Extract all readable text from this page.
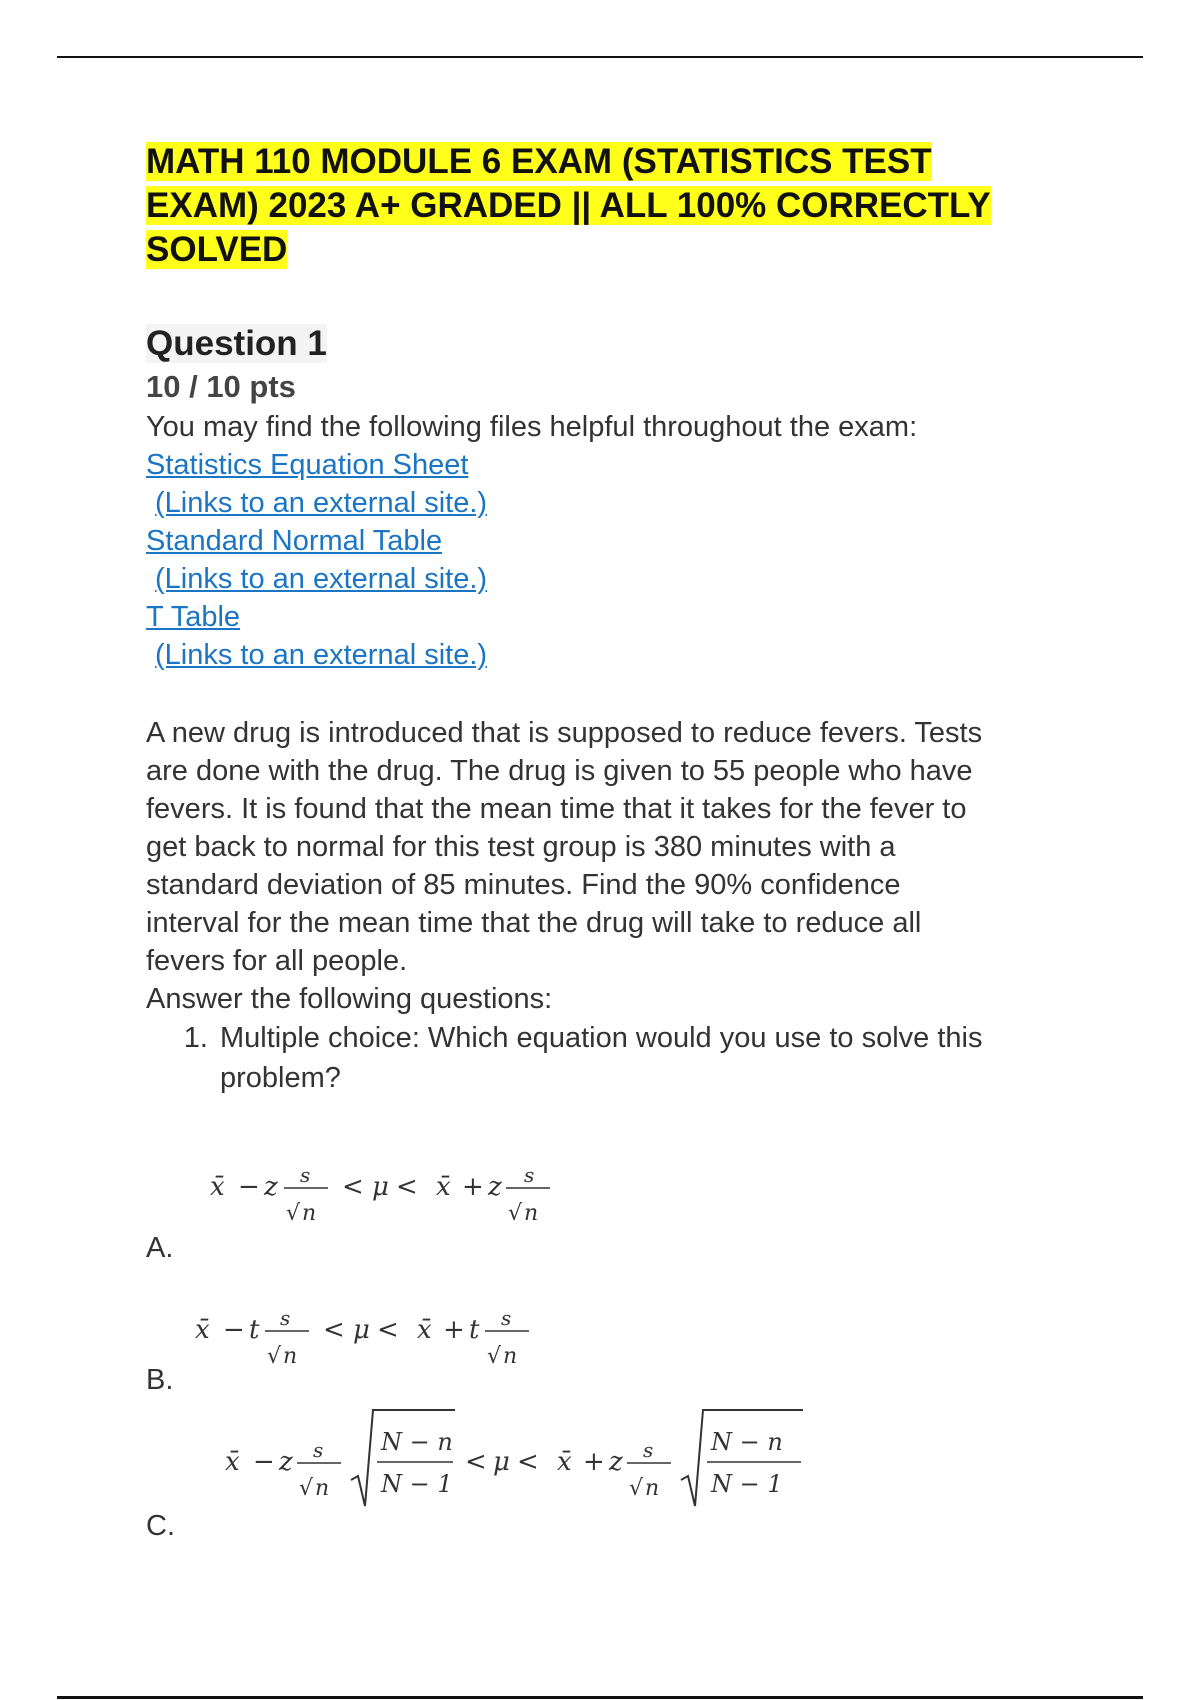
MATH 110 MODULE 6 EXAM (STATISTICS TEST
EXAM) 2023 A+ GRADED || ALL 100% CORRECTLY
SOLVED
Question 1

10 / 10 pts

You may find the following files helpful throughout the exam:

Statistics Equation Sheet
(Links to an external site.)
Standard Normal Table
(Links to an external site.)
T Table
(Links to an external site.)

A new drug is introduced that is supposed to reduce fevers. Tests

are done with the drug. The drug is given to 55 people who have

fevers. It is found that the mean time that it takes for the fever to

get back to normal for this test group is 380 minutes with a

standard deviation of 85 minutes. Find the 90% confidence

interval for the mean time that the drug will take to reduce all

fevers for all people.

Answer the following questions:

1. Multiple choice: Which equation would you use to solve this problem?
A.
x̄ − z s
√ n
< μ < x̄ + z s
√ n
B.
x̄ − t s
√ n
< μ < x̄ + t s
√ n
C.
x̄ − z s
√ n
N − n
N − 1
< μ < x̄ + z s
√ n
N − n
N − 1
